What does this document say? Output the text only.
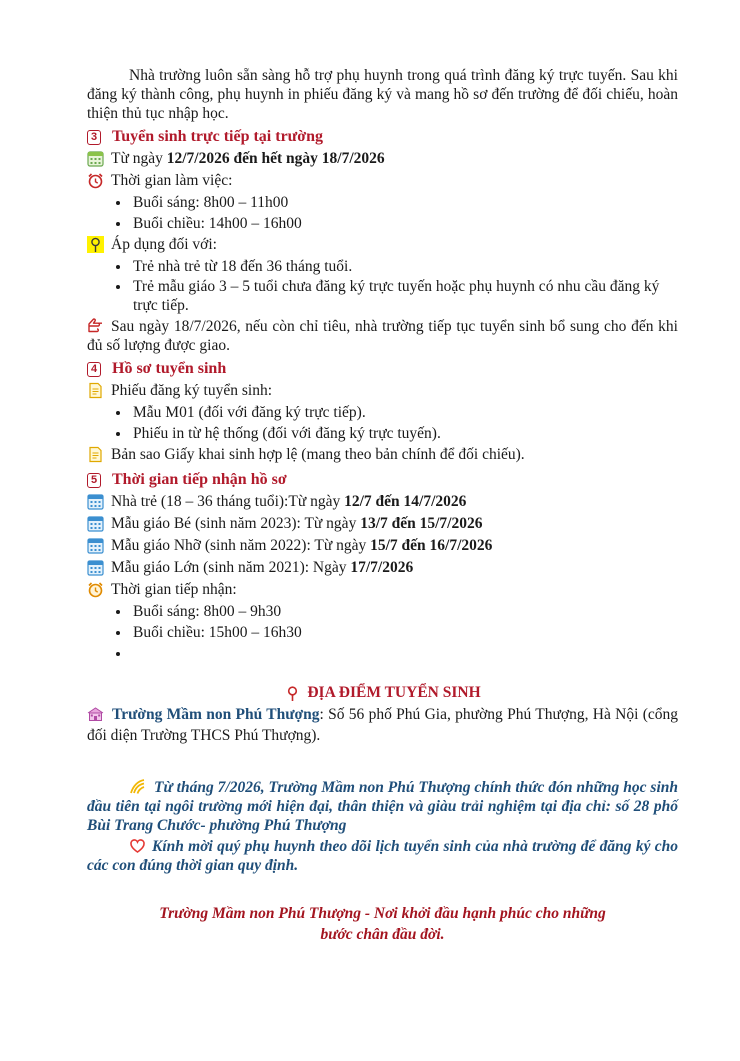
Nhà trường luôn sẵn sàng hỗ trợ phụ huynh trong quá trình đăng ký trực tuyến. Sau khi đăng ký thành công, phụ huynh in phiếu đăng ký và mang hồ sơ đến trường để đối chiếu, hoàn thiện thủ tục nhập học.

3 Tuyển sinh trực tiếp tại trường
Từ ngày 12/7/2026 đến hết ngày 18/7/2026
Thời gian làm việc:
• Buổi sáng: 8h00 – 11h00
• Buổi chiều: 14h00 – 16h00
Áp dụng đối với:
• Trẻ nhà trẻ từ 18 đến 36 tháng tuổi.
• Trẻ mẫu giáo 3 – 5 tuổi chưa đăng ký trực tuyến hoặc phụ huynh có nhu cầu đăng ký trực tiếp.

Sau ngày 18/7/2026, nếu còn chỉ tiêu, nhà trường tiếp tục tuyển sinh bổ sung cho đến khi đủ số lượng được giao.

4 Hồ sơ tuyển sinh
Phiếu đăng ký tuyển sinh:
• Mẫu M01 (đối với đăng ký trực tiếp).
• Phiếu in từ hệ thống (đối với đăng ký trực tuyến).
Bản sao Giấy khai sinh hợp lệ (mang theo bản chính để đối chiếu).
5 Thời gian tiếp nhận hồ sơ
Nhà trẻ (18 – 36 tháng tuổi):Từ ngày 12/7 đến 14/7/2026
Mẫu giáo Bé (sinh năm 2023): Từ ngày 13/7 đến 15/7/2026
Mẫu giáo Nhỡ (sinh năm 2022): Từ ngày 15/7 đến 16/7/2026
Mẫu giáo Lớn (sinh năm 2021): Ngày 17/7/2026
Thời gian tiếp nhận:
• Buổi sáng: 8h00 – 9h30
• Buổi chiều: 15h00 – 16h30
•
ĐỊA ĐIỂM TUYỂN SINH

Trường Mầm non Phú Thượng: Số 56 phố Phú Gia, phường Phú Thượng, Hà Nội (cổng đối diện Trường THCS Phú Thượng).

Từ tháng 7/2026, Trường Mầm non Phú Thượng chính thức đón những học sinh đầu tiên tại ngôi trường mới hiện đại, thân thiện và giàu trải nghiệm tại địa chỉ: số 28 phố Bùi Trang Chước- phường Phú Thượng

Kính mời quý phụ huynh theo dõi lịch tuyển sinh của nhà trường để đăng ký cho các con đúng thời gian quy định.

Trường Mầm non Phú Thượng - Nơi khởi đầu hạnh phúc cho những

bước chân đầu đời.
